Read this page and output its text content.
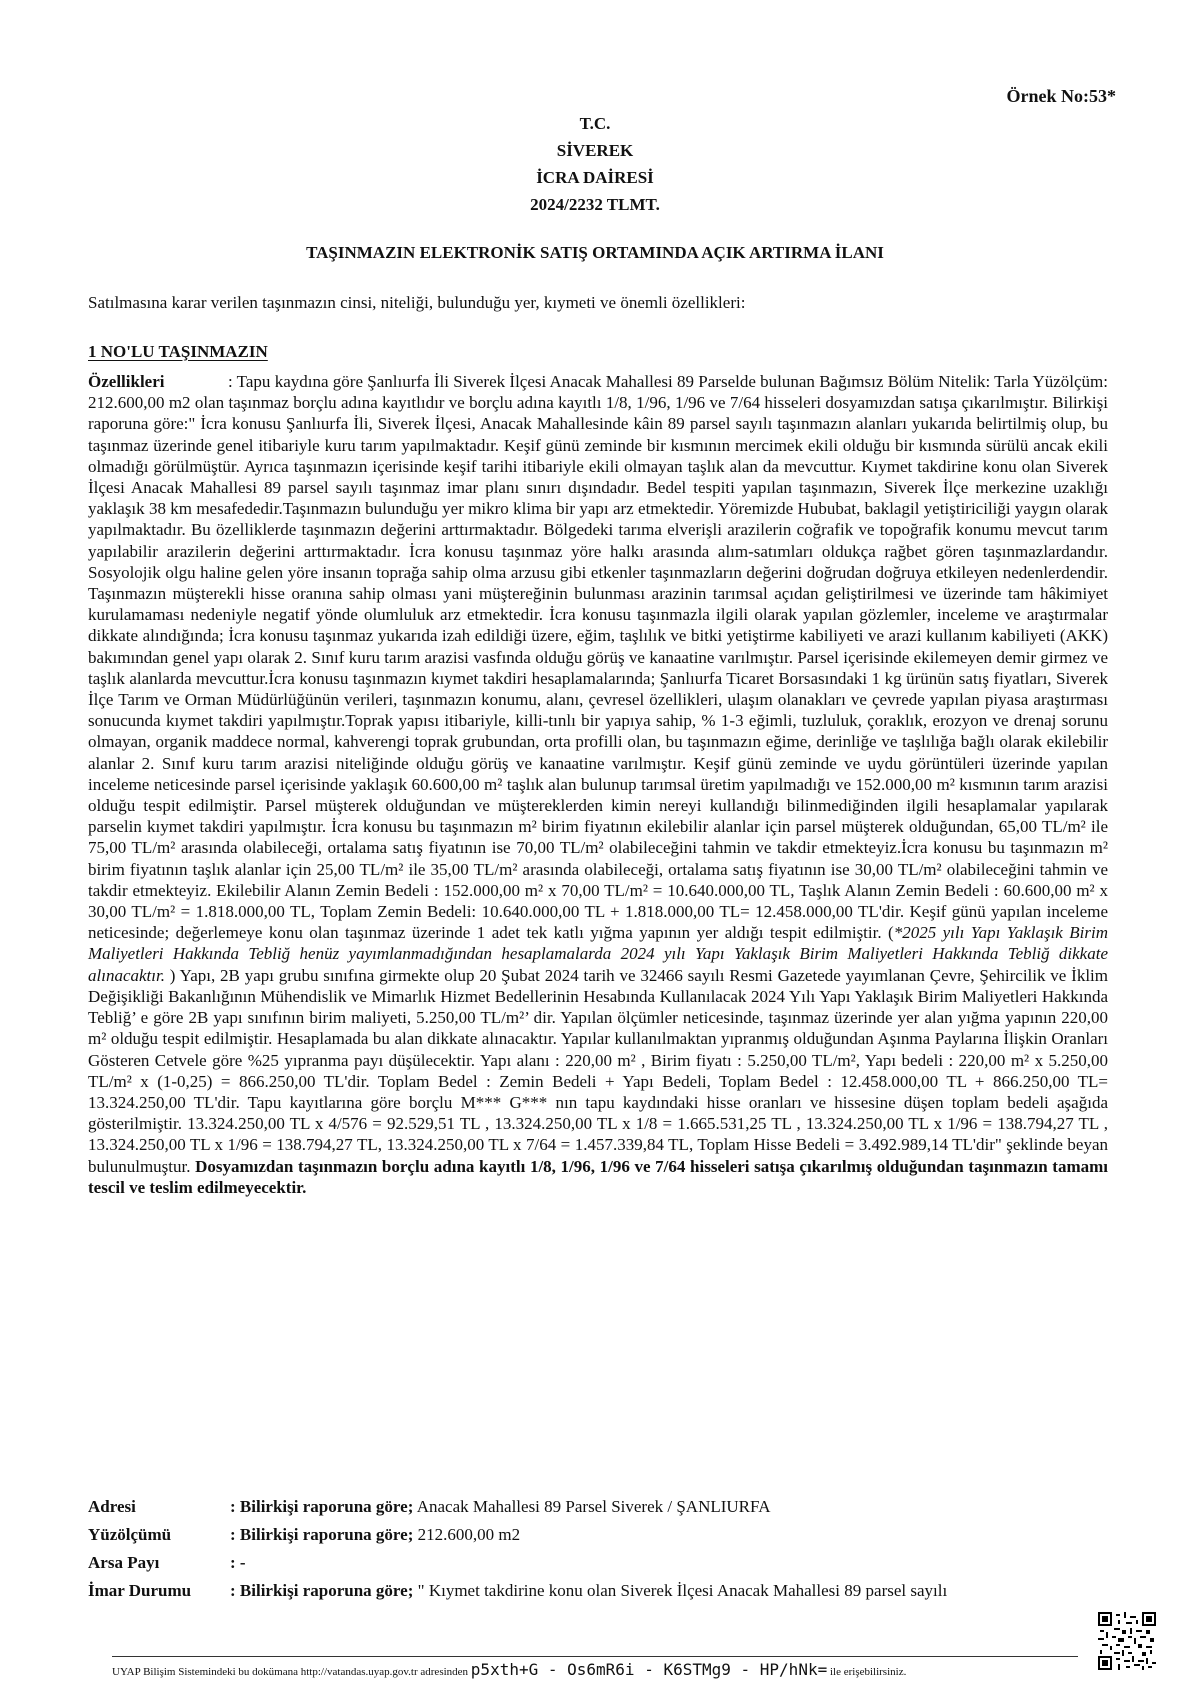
Örnek No:53*
T.C.
SİVEREK
İCRA DAİRESİ
2024/2232 TLMT.
TAŞINMAZIN ELEKTRONİK SATIŞ ORTAMINDA AÇIK ARTIRMA İLANI
Satılmasına karar verilen taşınmazın cinsi, niteliği, bulunduğu yer, kıymeti ve önemli özellikleri:
1 NO'LU TAŞINMAZIN
Özellikleri	: Tapu kaydına göre Şanlıurfa İli Siverek İlçesi Anacak Mahallesi 89 Parselde bulunan Bağımsız Bölüm Nitelik: Tarla Yüzölçüm: 212.600,00 m2 olan taşınmaz borçlu adına kayıtlıdır ve borçlu adına kayıtlı 1/8, 1/96, 1/96 ve 7/64 hisseleri dosyamızdan satışa çıkarılmıştır. Bilirkişi raporuna göre:" İcra konusu Şanlıurfa İli, Siverek İlçesi, Anacak Mahallesinde kâin 89 parsel sayılı taşınmazın alanları yukarıda belirtilmiş olup, bu taşınmaz üzerinde genel itibariyle kuru tarım yapılmaktadır. Keşif günü zeminde bir kısmının mercimek ekili olduğu bir kısmında sürülü ancak ekili olmadığı görülmüştür. Ayrıca taşınmazın içerisinde keşif tarihi itibariyle ekili olmayan taşlık alan da mevcuttur. Kıymet takdirine konu olan Siverek İlçesi Anacak Mahallesi 89 parsel sayılı taşınmaz imar planı sınırı dışındadır. Bedel tespiti yapılan taşınmazın, Siverek İlçe merkezine uzaklığı yaklaşık 38 km mesafededir.Taşınmazın bulunduğu yer mikro klima bir yapı arz etmektedir. Yöremizde Hububat, baklagil yetiştiriciliği yaygın olarak yapılmaktadır. Bu özelliklerde taşınmazın değerini arttırmaktadır. Bölgedeki tarıma elverişli arazilerin coğrafik ve topoğrafik konumu mevcut tarım yapılabilir arazilerin değerini arttırmaktadır. İcra konusu taşınmaz yöre halkı arasında alım-satımları oldukça rağbet gören taşınmazlardandır. Sosyolojik olgu haline gelen yöre insanın toprağa sahip olma arzusu gibi etkenler taşınmazların değerini doğrudan doğruya etkileyen nedenlerdendir. Taşınmazın müşterekli hisse oranına sahip olması yani müştereğinin bulunması arazinin tarımsal açıdan geliştirilmesi ve üzerinde tam hâkimiyet kurulamaması nedeniyle negatif yönde olumluluk arz etmektedir. İcra konusu taşınmazla ilgili olarak yapılan gözlemler, inceleme ve araştırmalar dikkate alındığında; İcra konusu taşınmaz yukarıda izah edildiği üzere, eğim, taşlılık ve bitki yetiştirme kabiliyeti ve arazi kullanım kabiliyeti (AKK) bakımından genel yapı olarak 2. Sınıf kuru tarım arazisi vasfında olduğu görüş ve kanaatine varılmıştır. Parsel içerisinde ekilemeyen demir girmez ve taşlık alanlarda mevcuttur.İcra konusu taşınmazın kıymet takdiri hesaplamalarında; Şanlıurfa Ticaret Borsasındaki 1 kg ürünün satış fiyatları, Siverek İlçe Tarım ve Orman Müdürlüğünün verileri, taşınmazın konumu, alanı, çevresel özellikleri, ulaşım olanakları ve çevrede yapılan piyasa araştırması sonucunda kıymet takdiri yapılmıştır.Toprak yapısı itibariyle, killi-tınlı bir yapıya sahip, % 1-3 eğimli, tuzluluk, çoraklık, erozyon ve drenaj sorunu olmayan, organik maddece normal, kahverengi toprak grubundan, orta profilli olan, bu taşınmazın eğime, derinliğe ve taşlılığa bağlı olarak ekilebilir alanlar 2. Sınıf kuru tarım arazisi niteliğinde olduğu görüş ve kanaatine varılmıştır. Keşif günü zeminde ve uydu görüntüleri üzerinde yapılan inceleme neticesinde parsel içerisinde yaklaşık 60.600,00 m² taşlık alan bulunup tarımsal üretim yapılmadığı ve 152.000,00 m² kısmının tarım arazisi olduğu tespit edilmiştir. Parsel müşterek olduğundan ve müştereklerden kimin nereyi kullandığı bilinmediğinden ilgili hesaplamalar yapılarak parselin kıymet takdiri yapılmıştır. İcra konusu bu taşınmazın m² birim fiyatının ekilebilir alanlar için parsel müşterek olduğundan, 65,00 TL/m² ile 75,00 TL/m² arasında olabileceği, ortalama satış fiyatının ise 70,00 TL/m² olabileceğini tahmin ve takdir etmekteyiz.İcra konusu bu taşınmazın m² birim fiyatının taşlık alanlar için 25,00 TL/m² ile 35,00 TL/m² arasında olabileceği, ortalama satış fiyatının ise 30,00 TL/m² olabileceğini tahmin ve takdir etmekteyiz. Ekilebilir Alanın Zemin Bedeli : 152.000,00 m² x 70,00 TL/m² = 10.640.000,00 TL, Taşlık Alanın Zemin Bedeli : 60.600,00 m² x 30,00 TL/m² = 1.818.000,00 TL, Toplam Zemin Bedeli: 10.640.000,00 TL + 1.818.000,00 TL= 12.458.000,00 TL'dir. Keşif günü yapılan inceleme neticesinde; değerlemeye konu olan taşınmaz üzerinde 1 adet tek katlı yığma yapının yer aldığı tespit edilmiştir. (*2025 yılı Yapı Yaklaşık Birim Maliyetleri Hakkında Tebliğ henüz yayımlanmadığından hesaplamalarda 2024 yılı Yapı Yaklaşık Birim Maliyetleri Hakkında Tebliğ dikkate alınacaktır. ) Yapı, 2B yapı grubu sınıfına girmekte olup 20 Şubat 2024 tarih ve 32466 sayılı Resmi Gazetede yayımlanan Çevre, Şehircilik ve İklim Değişikliği Bakanlığının Mühendislik ve Mimarlık Hizmet Bedellerinin Hesabında Kullanılacak 2024 Yılı Yapı Yaklaşık Birim Maliyetleri Hakkında Tebliğ’ e göre 2B yapı sınıfının birim maliyeti, 5.250,00 TL/m²’ dir. Yapılan ölçümler neticesinde, taşınmaz üzerinde yer alan yığma yapının 220,00 m² olduğu tespit edilmiştir. Hesaplamada bu alan dikkate alınacaktır. Yapılar kullanılmaktan yıpranmış olduğundan Aşınma Paylarına İlişkin Oranları Gösteren Cetvele göre %25 yıpranma payı düşülecektir. Yapı alanı : 220,00 m² , Birim fiyatı : 5.250,00 TL/m², Yapı bedeli : 220,00 m² x 5.250,00 TL/m² x (1-0,25) = 866.250,00 TL'dir. Toplam Bedel : Zemin Bedeli + Yapı Bedeli, Toplam Bedel : 12.458.000,00 TL + 866.250,00 TL= 13.324.250,00 TL'dir. Tapu kayıtlarına göre borçlu M*** G*** nın tapu kaydındaki hisse oranları ve hissesine düşen toplam bedeli aşağıda gösterilmiştir. 13.324.250,00 TL x 4/576 = 92.529,51 TL , 13.324.250,00 TL x 1/8 = 1.665.531,25 TL , 13.324.250,00 TL x 1/96 = 138.794,27 TL , 13.324.250,00 TL x 1/96 = 138.794,27 TL, 13.324.250,00 TL x 7/64 = 1.457.339,84 TL, Toplam Hisse Bedeli = 3.492.989,14 TL'dir" şeklinde beyan bulunulmuştur. Dosyamızdan taşınmazın borçlu adına kayıtlı 1/8, 1/96, 1/96 ve 7/64 hisseleri satışa çıkarılmış olduğundan taşınmazın tamamı tescil ve teslim edilmeyecektir.
Adresi	: Bilirkişi raporuna göre; Anacak Mahallesi 89 Parsel Siverek / ŞANLIURFA
Yüzölçümü	: Bilirkişi raporuna göre; 212.600,00 m2
Arsa Payı	: -
İmar Durumu : Bilirkişi raporuna göre; " Kıymet takdirine konu olan Siverek İlçesi Anacak Mahallesi 89 parsel sayılı
UYAP Bilişim Sistemindeki bu dokümana http://vatandas.uyap.gov.tr adresinden p5xth+G - Os6mR6i - K6STMg9 - HP/hNk= ile erişebilirsiniz.
